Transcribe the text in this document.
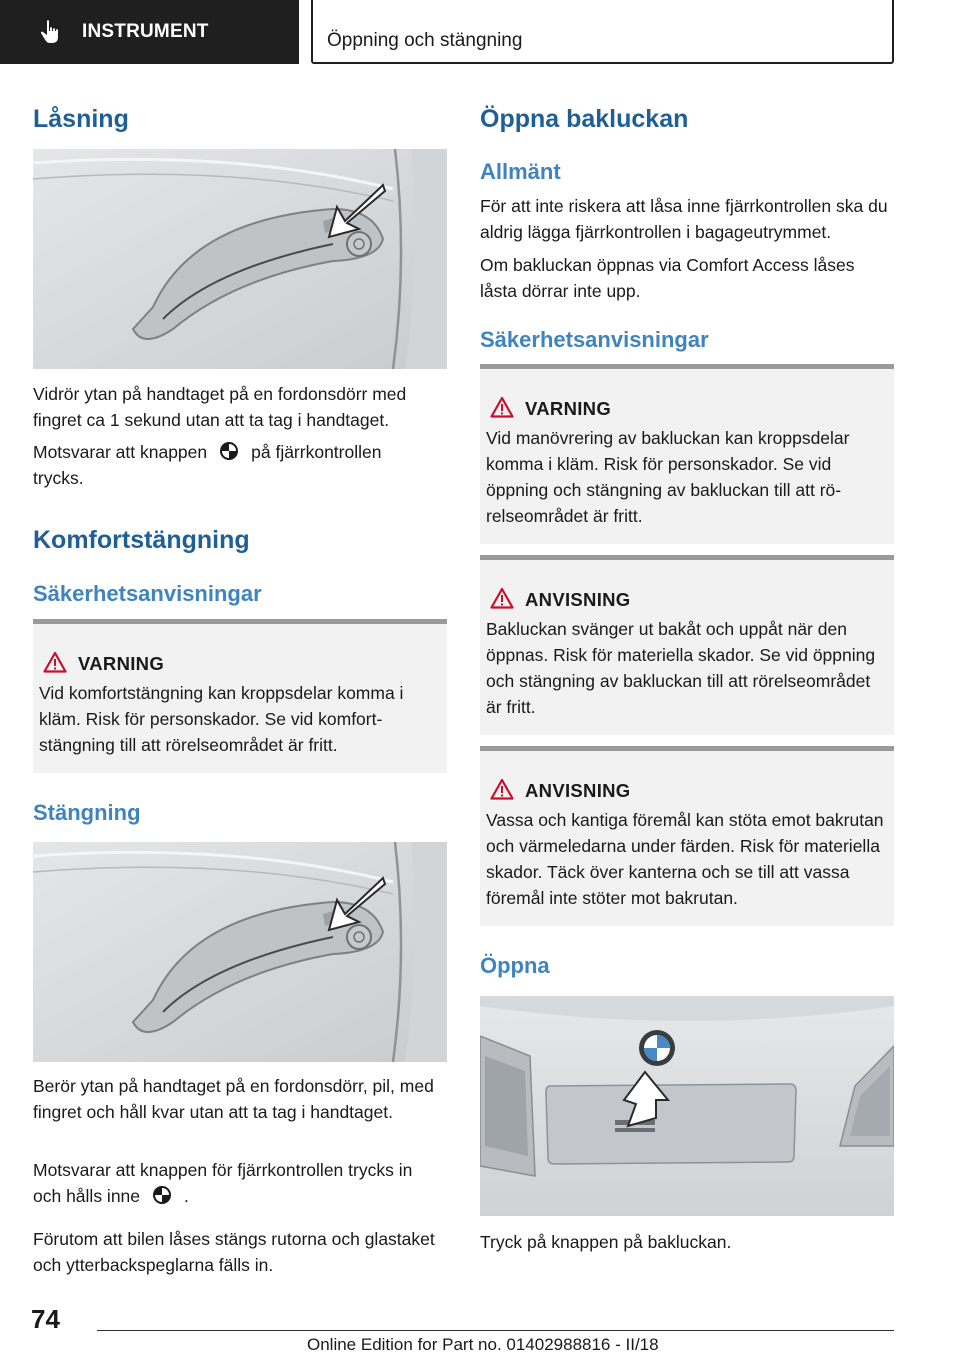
INSTRUMENT	Öppning och stängning
Låsning
Vidrör ytan på handtaget på en fordonsdörr med fingret ca 1 sekund utan att ta tag i handtaget.
Motsvarar att knappen	på fjärrkontrollen
trycks.
Komfortstängning
Säkerhetsanvisningar
VARNING
Vid komfortstängning kan kroppsdelar komma i kläm. Risk för personskador. Se vid komfortstängning till att rörelseområdet är fritt.
Stängning
Berör ytan på handtaget på en fordonsdörr, pil, med fingret och håll kvar utan att ta tag i handtaget.
Motsvarar att knappen för fjärrkontrollen trycks in
och hålls inne	.
Förutom att bilen låses stängs rutorna och glastaket och ytterbackspeglarna fälls in.
Öppna bakluckan
Allmänt
För att inte riskera att låsa inne fjärrkontrollen ska du aldrig lägga fjärrkontrollen i bagageutrymmet.
Om bakluckan öppnas via Comfort Access låses låsta dörrar inte upp.
Säkerhetsanvisningar
VARNING
Vid manövrering av bakluckan kan kroppsdelar komma i kläm. Risk för personskador. Se vid öppning och stängning av bakluckan till att rörelseområdet är fritt.
ANVISNING
Bakluckan svänger ut bakåt och uppåt när den öppnas. Risk för materiella skador. Se vid öppning och stängning av bakluckan till att rörelseområdet är fritt.
ANVISNING
Vassa och kantiga föremål kan stöta emot bakrutan och värmeledarna under färden. Risk för materiella skador. Täck över kanterna och se till att vassa föremål inte stöter mot bakrutan.
Öppna
Tryck på knappen på bakluckan.
74
Online Edition for Part no. 01402988816 - II/18
